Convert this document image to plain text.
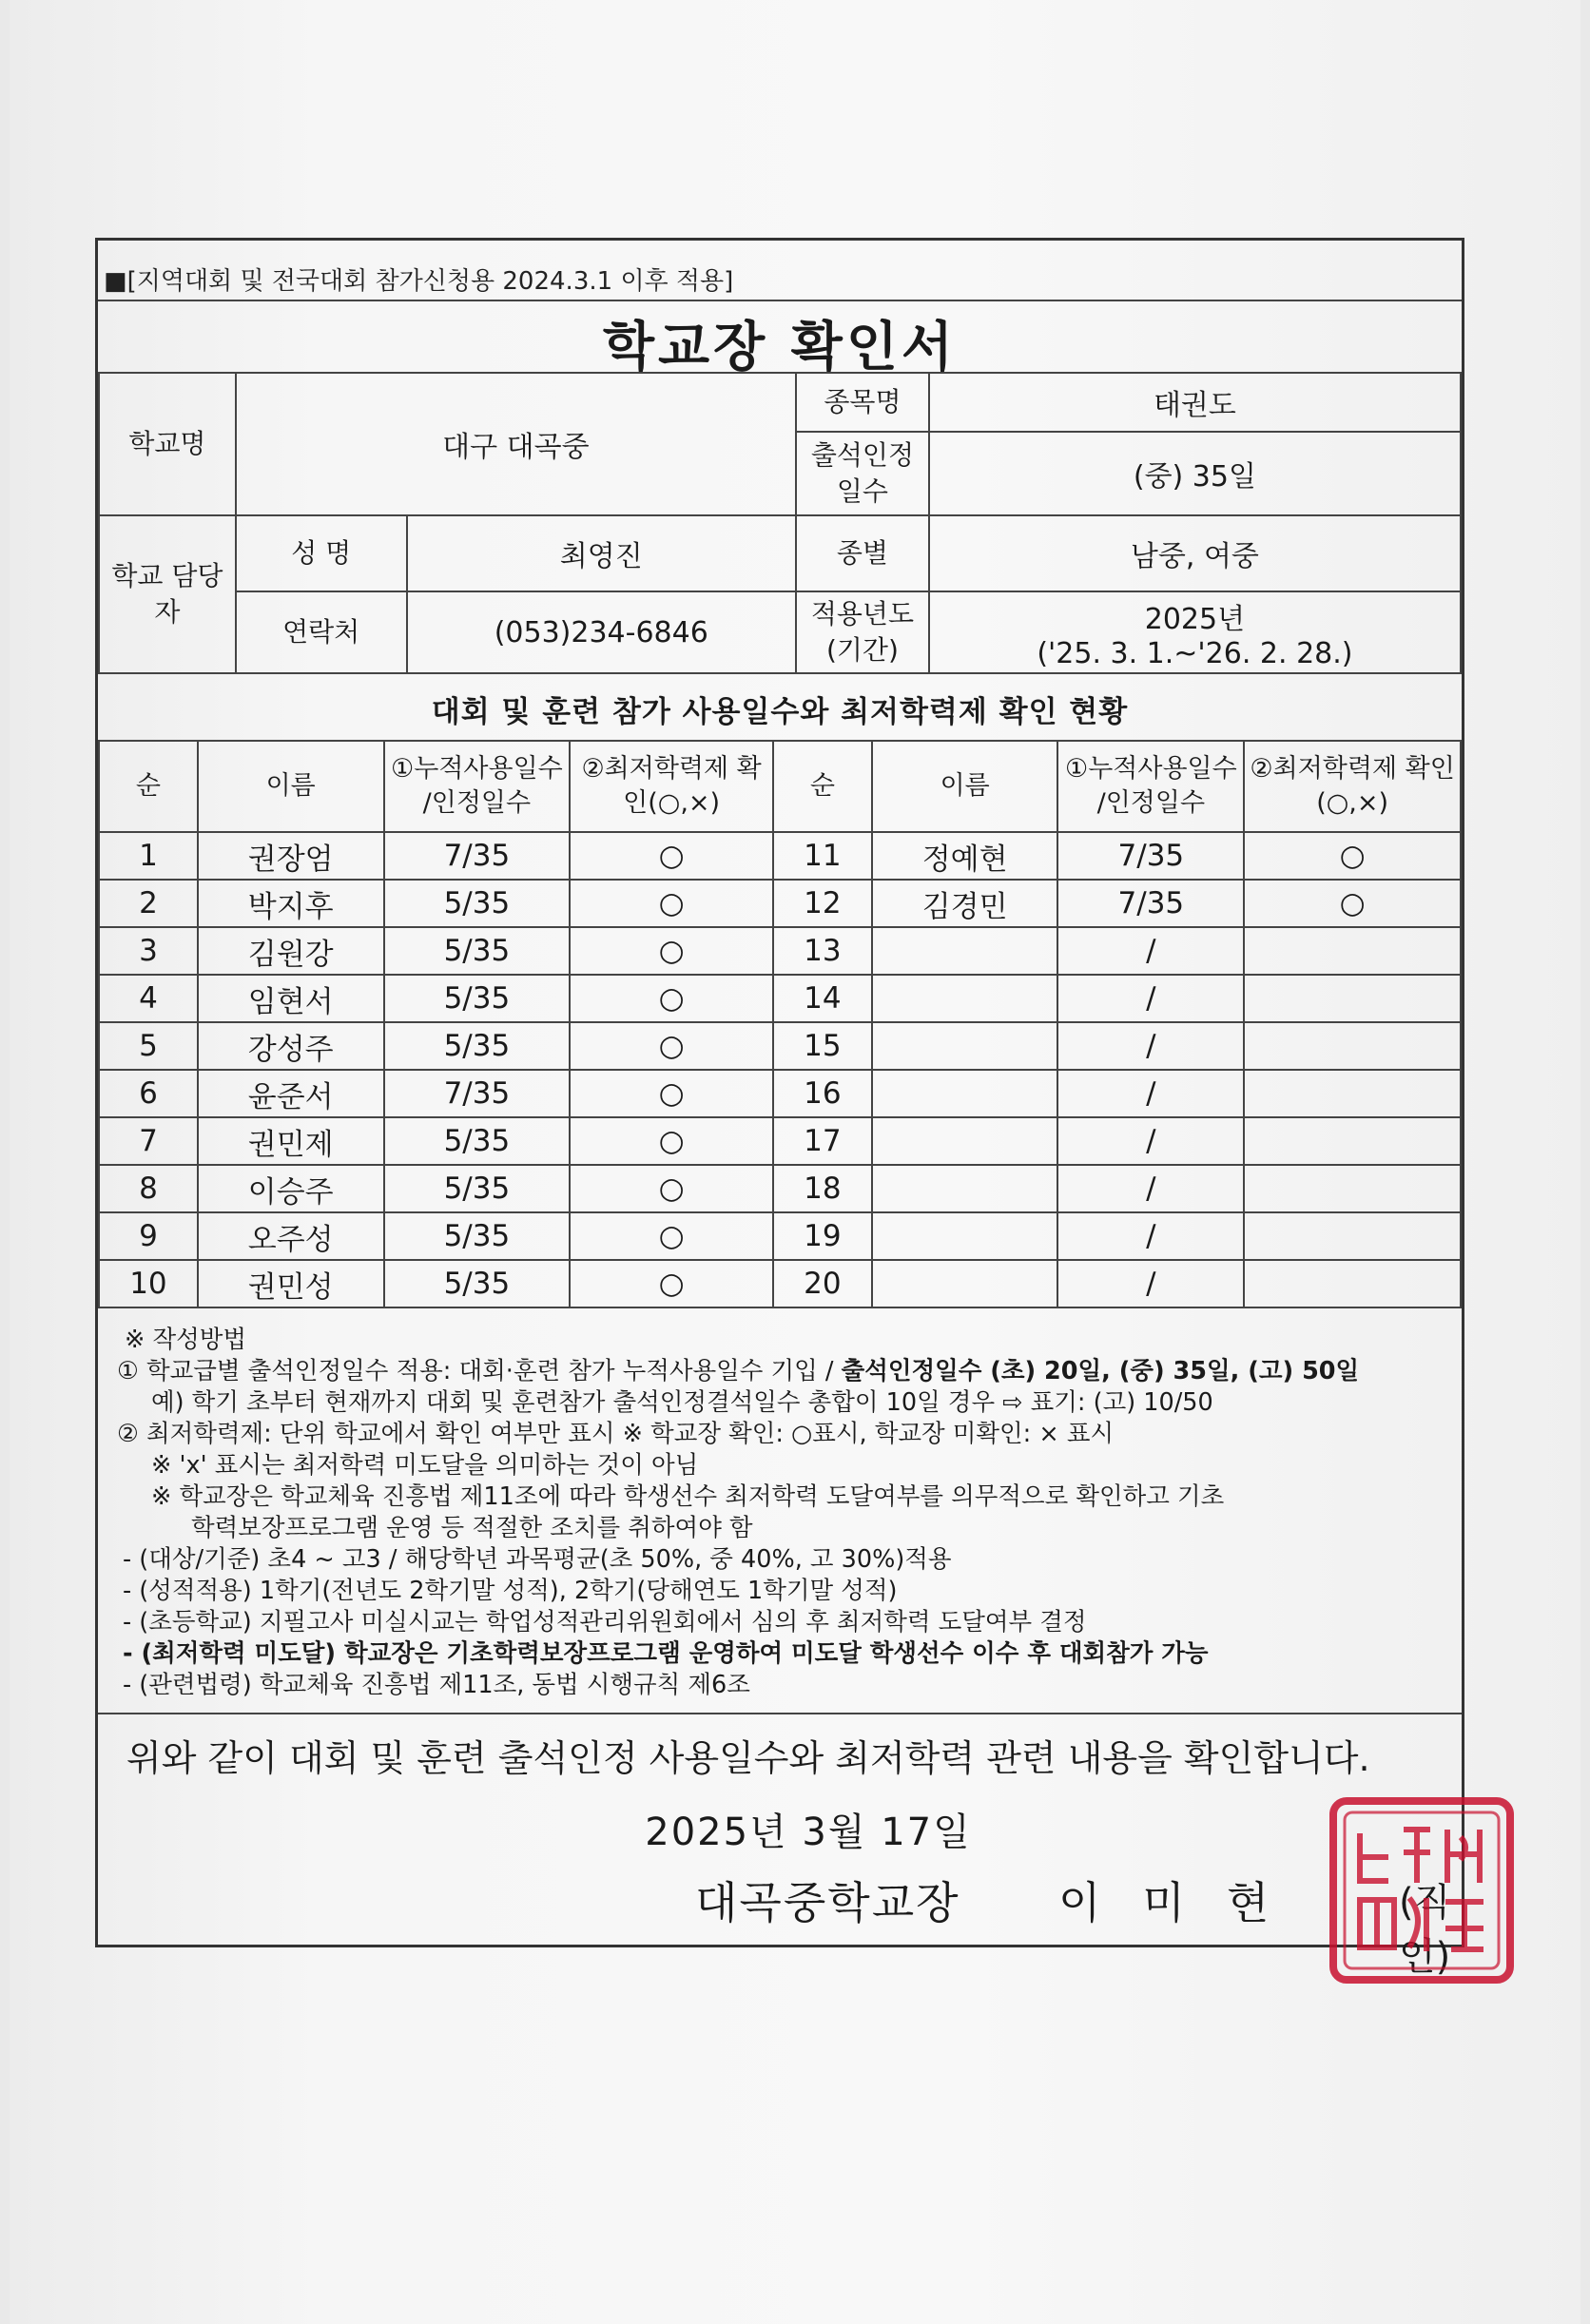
■[지역대회 및 전국대회 참가신청용 2024.3.1 이후 적용]
학교장 확인서
학교명	대구 대곡중		종목명	태권도
			출석인정 일수	(중) 35일
학교 담당자	성 명	최영진	종별	남중, 여중
	연락처	(053)234-6846	적용년도 (기간)	2025년
('25. 3. 1.~'26. 2. 28.)
대회 및 훈련 참가 사용일수와 최저학력제 확인 현황
순	이름	①누적사용일수 /인정일수	②최저학력제 확인(○,×)	순	이름	①누적사용일수 /인정일수	②최저학력제 확인(○,×)
1	권장엄	7/35	○	11	정예현	7/35	○
2	박지후	5/35	○	12	김경민	7/35	○
3	김원강	5/35	○	13		/	
4	임현서	5/35	○	14		/	
5	강성주	5/35	○	15		/	
6	윤준서	7/35	○	16		/	
7	권민제	5/35	○	17		/	
8	이승주	5/35	○	18		/	
9	오주성	5/35	○	19		/	
10	권민성	5/35	○	20		/	
※ 작성방법
① 학교급별 출석인정일수 적용: 대회·훈련 참가 누적사용일수 기입 / 출석인정일수 (초) 20일, (중) 35일, (고) 50일
예) 학기 초부터 현재까지 대회 및 훈련참가 출석인정결석일수 총합이 10일 경우 ⇨ 표기: (고) 10/50
② 최저학력제: 단위 학교에서 확인 여부만 표시 ※ 학교장 확인: ○표시, 학교장 미확인: × 표시
※ 'x' 표시는 최저학력 미도달을 의미하는 것이 아님
※ 학교장은 학교체육 진흥법 제11조에 따라 학생선수 최저학력 도달여부를 의무적으로 확인하고 기초
학력보장프로그램 운영 등 적절한 조치를 취하여야 함
- (대상/기준) 초4 ~ 고3 / 해당학년 과목평균(초 50%, 중 40%, 고 30%)적용
- (성적적용) 1학기(전년도 2학기말 성적), 2학기(당해연도 1학기말 성적)
- (초등학교) 지필고사 미실시교는 학업성적관리위원회에서 심의 후 최저학력 도달여부 결정
- (최저학력 미도달) 학교장은 기초학력보장프로그램 운영하여 미도달 학생선수 이수 후 대회참가 가능
- (관련법령) 학교체육 진흥법 제11조, 동법 시행규칙 제6조
위와 같이 대회 및 훈련 출석인정 사용일수와 최저학력 관련 내용을 확인합니다.
2025년 3월 17일
대곡중학교장 이미현 (직인)
